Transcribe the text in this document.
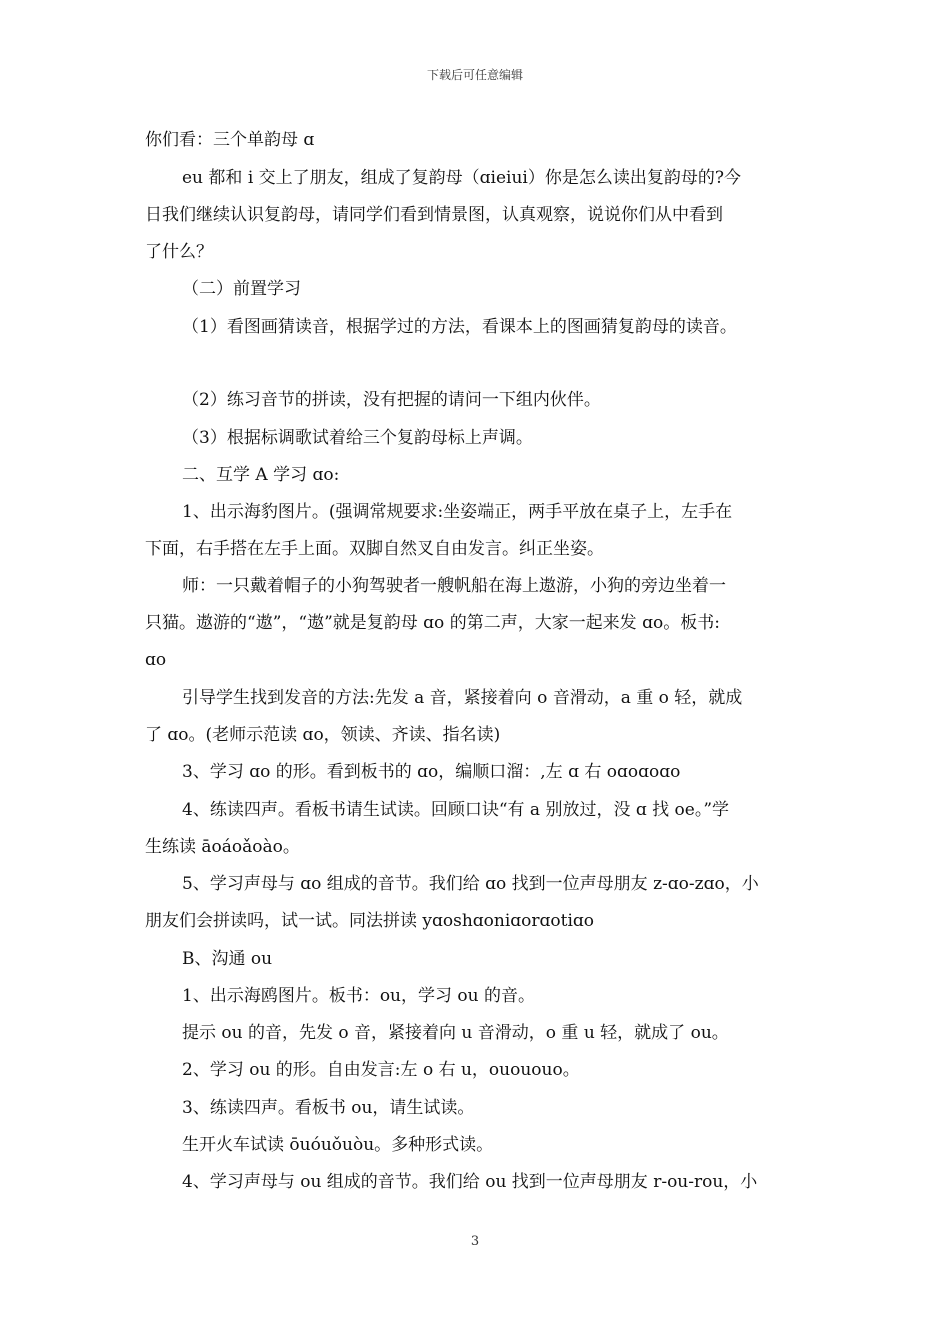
下载后可任意编辑
你们看：三个单韵母 ɑ
eu 都和 i 交上了朋友，组成了复韵母（ɑieiui）你是怎么读出复韵母的?今
日我们继续认识复韵母，请同学们看到情景图，认真观察，说说你们从中看到
了什么？
（二）前置学习
（1）看图画猜读音，根据学过的方法，看课本上的图画猜复韵母的读音。
（2）练习音节的拼读，没有把握的请问一下组内伙伴。
（3）根据标调歌试着给三个复韵母标上声调。
二、互学 A 学习 ɑo:
1、出示海豹图片。(强调常规要求:坐姿端正，两手平放在桌子上，左手在
下面，右手搭在左手上面。双脚自然叉自由发言。纠正坐姿。
师：一只戴着帽子的小狗驾驶者一艘帆船在海上遨游，小狗的旁边坐着一
只猫。遨游的“遨”，“遨”就是复韵母 ɑo 的第二声，大家一起来发 ɑo。板书:
ɑo
引导学生找到发音的方法:先发 a 音，紧接着向 o 音滑动，a 重 o 轻，就成
了 ɑo。(老师示范读 ɑo，领读、齐读、指名读)
3、学习 ɑo 的形。看到板书的 ɑo，编顺口溜：,左 ɑ 右 oɑoɑoɑo
4、练读四声。看板书请生试读。回顾口诀“有 a 别放过，没 ɑ 找 oe。”学
生练读 āoáoǎoào。
5、学习声母与 ɑo 组成的音节。我们给 ɑo 找到一位声母朋友 z-ɑo-zɑo，小
朋友们会拼读吗，试一试。同法拼读 yɑoshɑoniɑorɑotiɑo
B、沟通 ou
1、出示海鸥图片。板书：ou，学习 ou 的音。
提示 ou 的音，先发 o 音，紧接着向 u 音滑动，o 重 u 轻，就成了 ou。
2、学习 ou 的形。自由发言:左 o 右 u，ouououo。
3、练读四声。看板书 ou，请生试读。
生开火车试读 ōuóuǒuòu。多种形式读。
4、学习声母与 ou 组成的音节。我们给 ou 找到一位声母朋友 r-ou-rou，小
3
